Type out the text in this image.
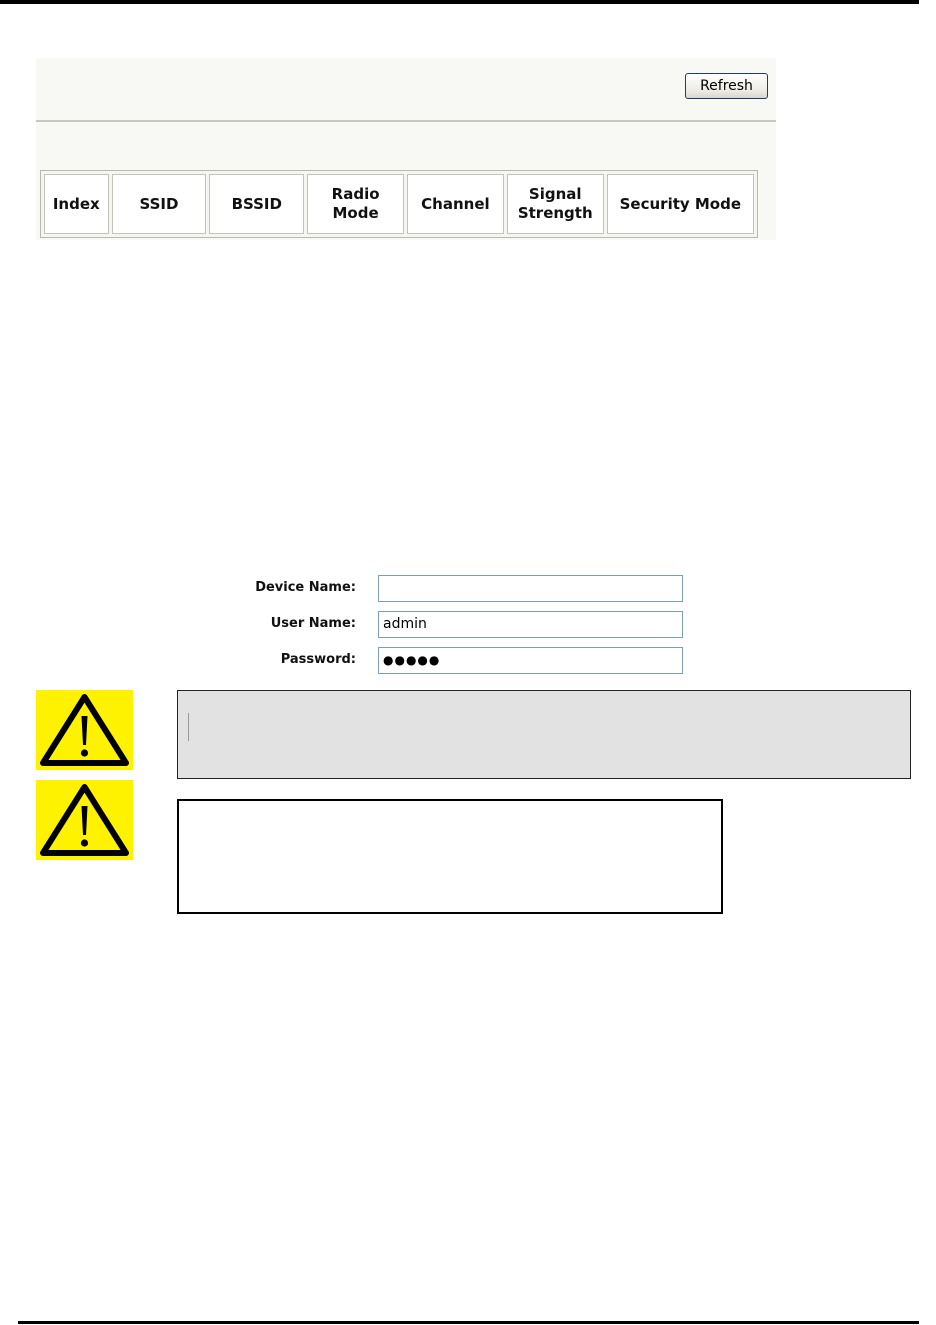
Refresh
Index	SSID	BSSID	Radio Mode	Channel	Signal Strength	Security Mode
Device Name:
User Name:	admin
Password:	●●●●●
